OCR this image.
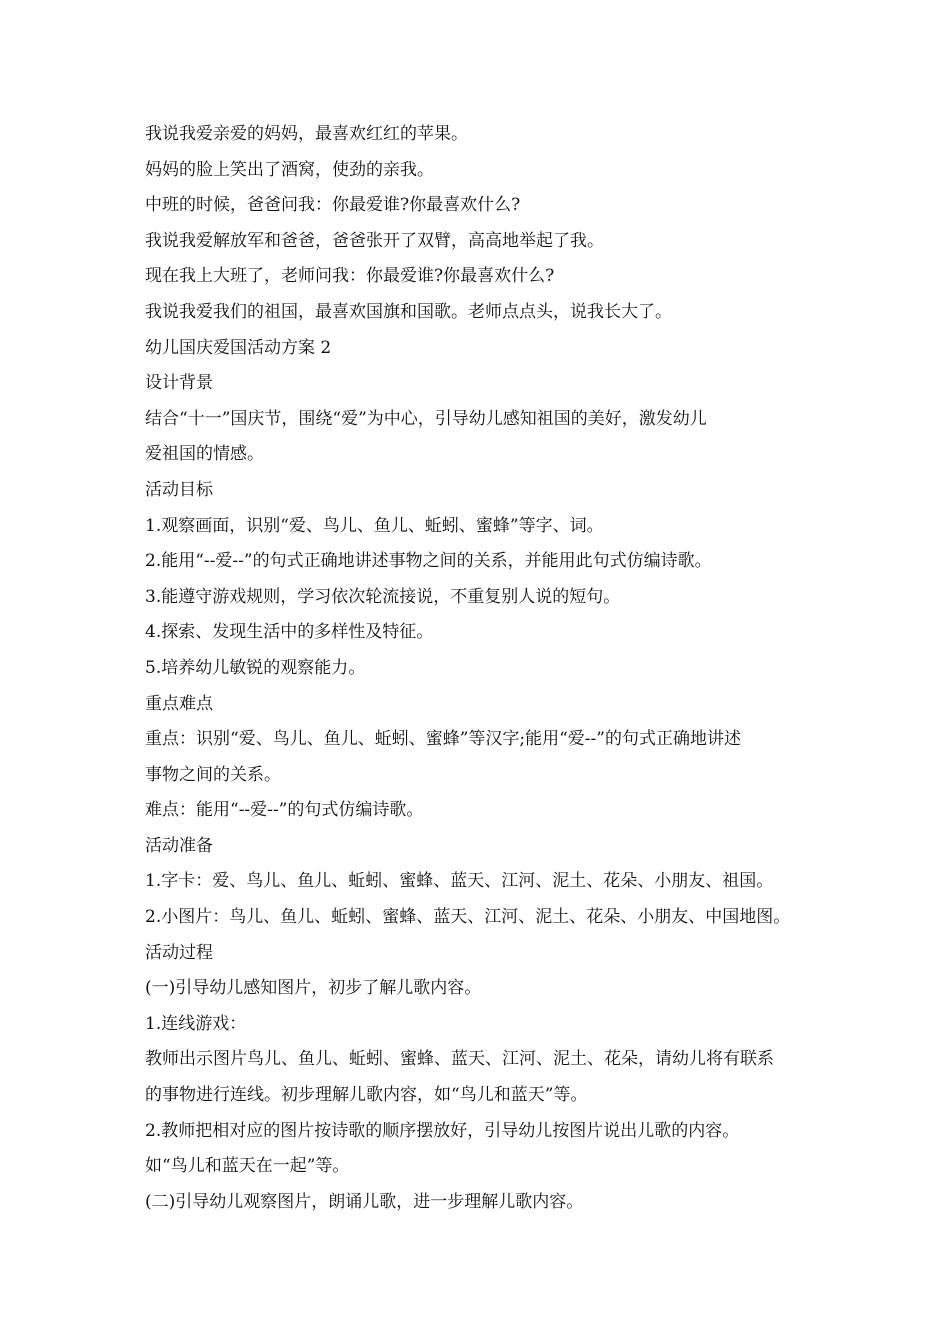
我说我爱亲爱的妈妈，最喜欢红红的苹果。
妈妈的脸上笑出了酒窝，使劲的亲我。
中班的时候，爸爸问我：你最爱谁?你最喜欢什么?
我说我爱解放军和爸爸，爸爸张开了双臂，高高地举起了我。
现在我上大班了，老师问我：你最爱谁?你最喜欢什么?
我说我爱我们的祖国，最喜欢国旗和国歌。老师点点头，说我长大了。
幼儿国庆爱国活动方案 2
设计背景
结合“十一”国庆节，围绕“爱”为中心，引导幼儿感知祖国的美好，激发幼儿
爱祖国的情感。
活动目标
1.观察画面，识别“爱、鸟儿、鱼儿、蚯蚓、蜜蜂”等字、词。
2.能用“--爱--”的句式正确地讲述事物之间的关系，并能用此句式仿编诗歌。
3.能遵守游戏规则，学习依次轮流接说，不重复别人说的短句。
4.探索、发现生活中的多样性及特征。
5.培养幼儿敏锐的观察能力。
重点难点
重点：识别“爱、鸟儿、鱼儿、蚯蚓、蜜蜂”等汉字;能用“爱--”的句式正确地讲述
事物之间的关系。
难点：能用“--爱--”的句式仿编诗歌。
活动准备
1.字卡：爱、鸟儿、鱼儿、蚯蚓、蜜蜂、蓝天、江河、泥土、花朵、小朋友、祖国。
2.小图片：鸟儿、鱼儿、蚯蚓、蜜蜂、蓝天、江河、泥土、花朵、小朋友、中国地图。
活动过程
(一)引导幼儿感知图片，初步了解儿歌内容。
1.连线游戏：
教师出示图片鸟儿、鱼儿、蚯蚓、蜜蜂、蓝天、江河、泥土、花朵，请幼儿将有联系
的事物进行连线。初步理解儿歌内容，如“鸟儿和蓝天”等。
2.教师把相对应的图片按诗歌的顺序摆放好，引导幼儿按图片说出儿歌的内容。
如“鸟儿和蓝天在一起”等。
(二)引导幼儿观察图片，朗诵儿歌，进一步理解儿歌内容。
